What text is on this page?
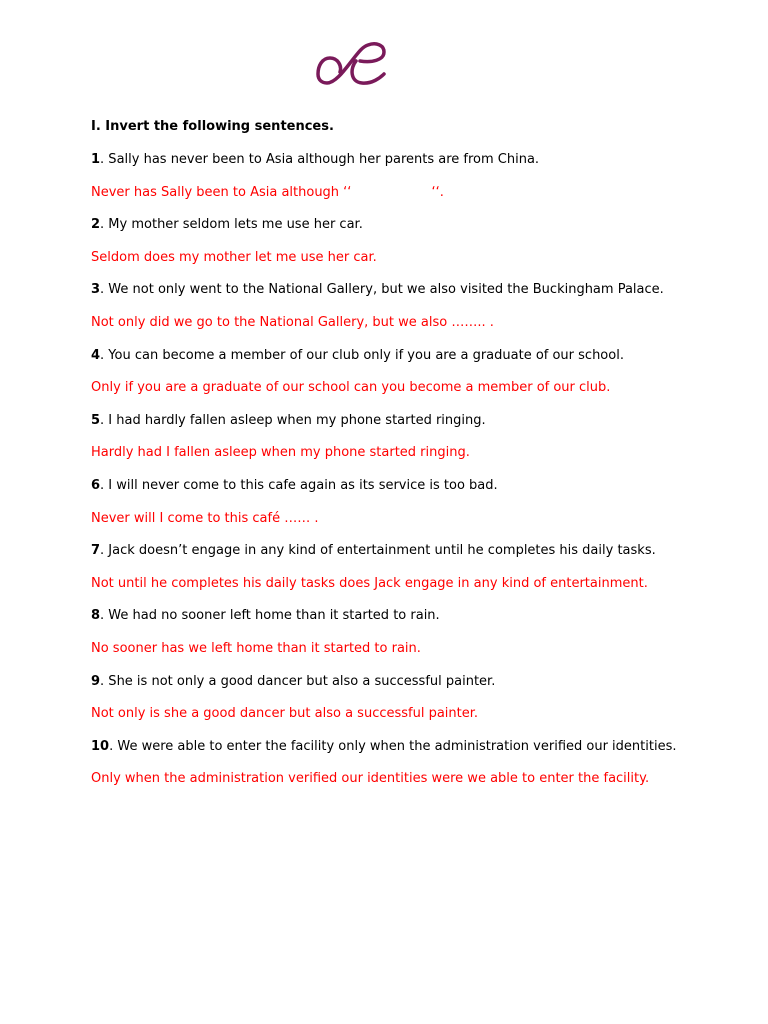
I. Invert the following sentences.
1. Sally has never been to Asia although her parents are from China.
Never has Sally been to Asia although ‘‘	‘‘.
2. My mother seldom lets me use her car.
Seldom does my mother let me use her car.
3. We not only went to the National Gallery, but we also visited the Buckingham Palace.
Not only did we go to the National Gallery, but we also …….. .
4. You can become a member of our club only if you are a graduate of our school.
Only if you are a graduate of our school can you become a member of our club.
5. I had hardly fallen asleep when my phone started ringing.
Hardly had I fallen asleep when my phone started ringing.
6. I will never come to this cafe again as its service is too bad.
Never will I come to this café …… .
7. Jack doesn’t engage in any kind of entertainment until he completes his daily tasks.
Not until he completes his daily tasks does Jack engage in any kind of entertainment.
8. We had no sooner left home than it started to rain.
No sooner has we left home than it started to rain.
9. She is not only a good dancer but also a successful painter.
Not only is she a good dancer but also a successful painter.
10. We were able to enter the facility only when the administration verified our identities.
Only when the administration verified our identities were we able to enter the facility.
